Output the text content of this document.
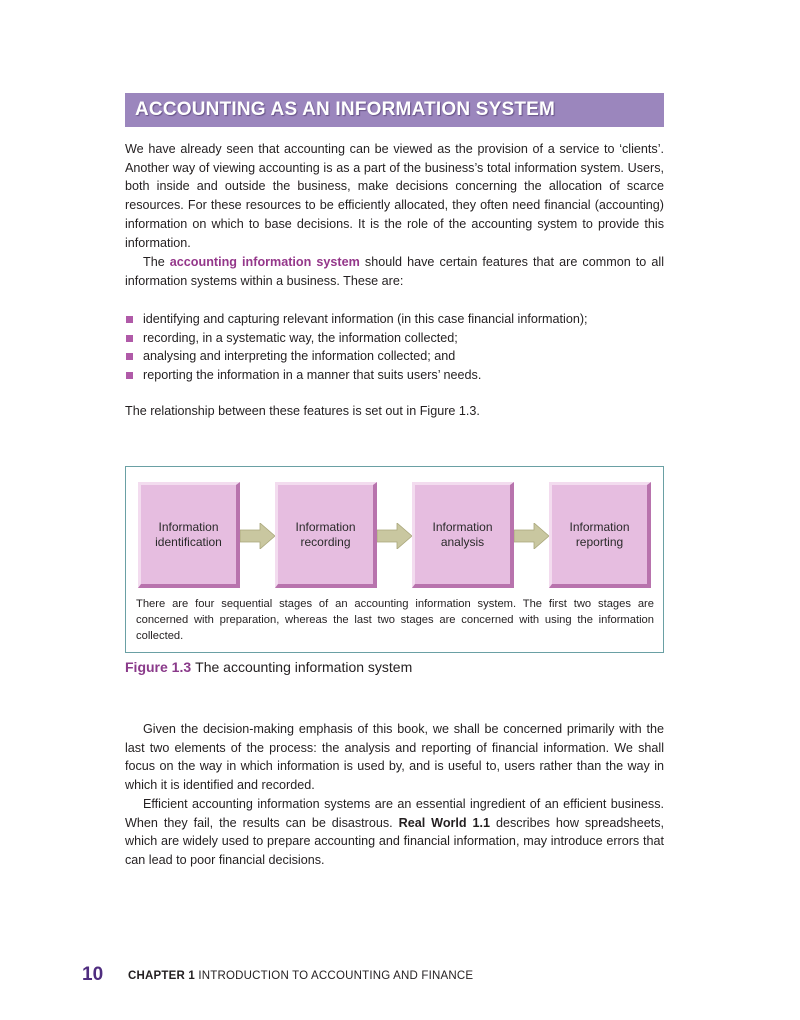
ACCOUNTING AS AN INFORMATION SYSTEM

We have already seen that accounting can be viewed as the provision of a service to ‘clients’. Another way of viewing accounting is as a part of the business’s total information system. Users, both inside and outside the business, make decisions concerning the allocation of scarce resources. For these resources to be efficiently allocated, they often need financial (accounting) information on which to base decisions. It is the role of the accounting system to provide this information.

The accounting information system should have certain features that are common to all information systems within a business. These are:

identifying and capturing relevant information (in this case financial information);
recording, in a systematic way, the information collected;
analysing and interpreting the information collected; and
reporting the information in a manner that suits users’ needs.

The relationship between these features is set out in Figure 1.3.

Information
identification
Information
recording
Information
analysis
Information
reporting

There are four sequential stages of an accounting information system. The first two stages are concerned with preparation, whereas the last two stages are concerned with using the information collected.

Figure 1.3 The accounting information system

Given the decision-making emphasis of this book, we shall be concerned primarily with the last two elements of the process: the analysis and reporting of financial information. We shall focus on the way in which information is used by, and is useful to, users rather than the way in which it is identified and recorded.

Efficient accounting information systems are an essential ingredient of an efficient business. When they fail, the results can be disastrous. Real World 1.1 describes how spreadsheets, which are widely used to prepare accounting and financial information, may introduce errors that can lead to poor financial decisions.

10 CHAPTER 1 INTRODUCTION TO ACCOUNTING AND FINANCE
